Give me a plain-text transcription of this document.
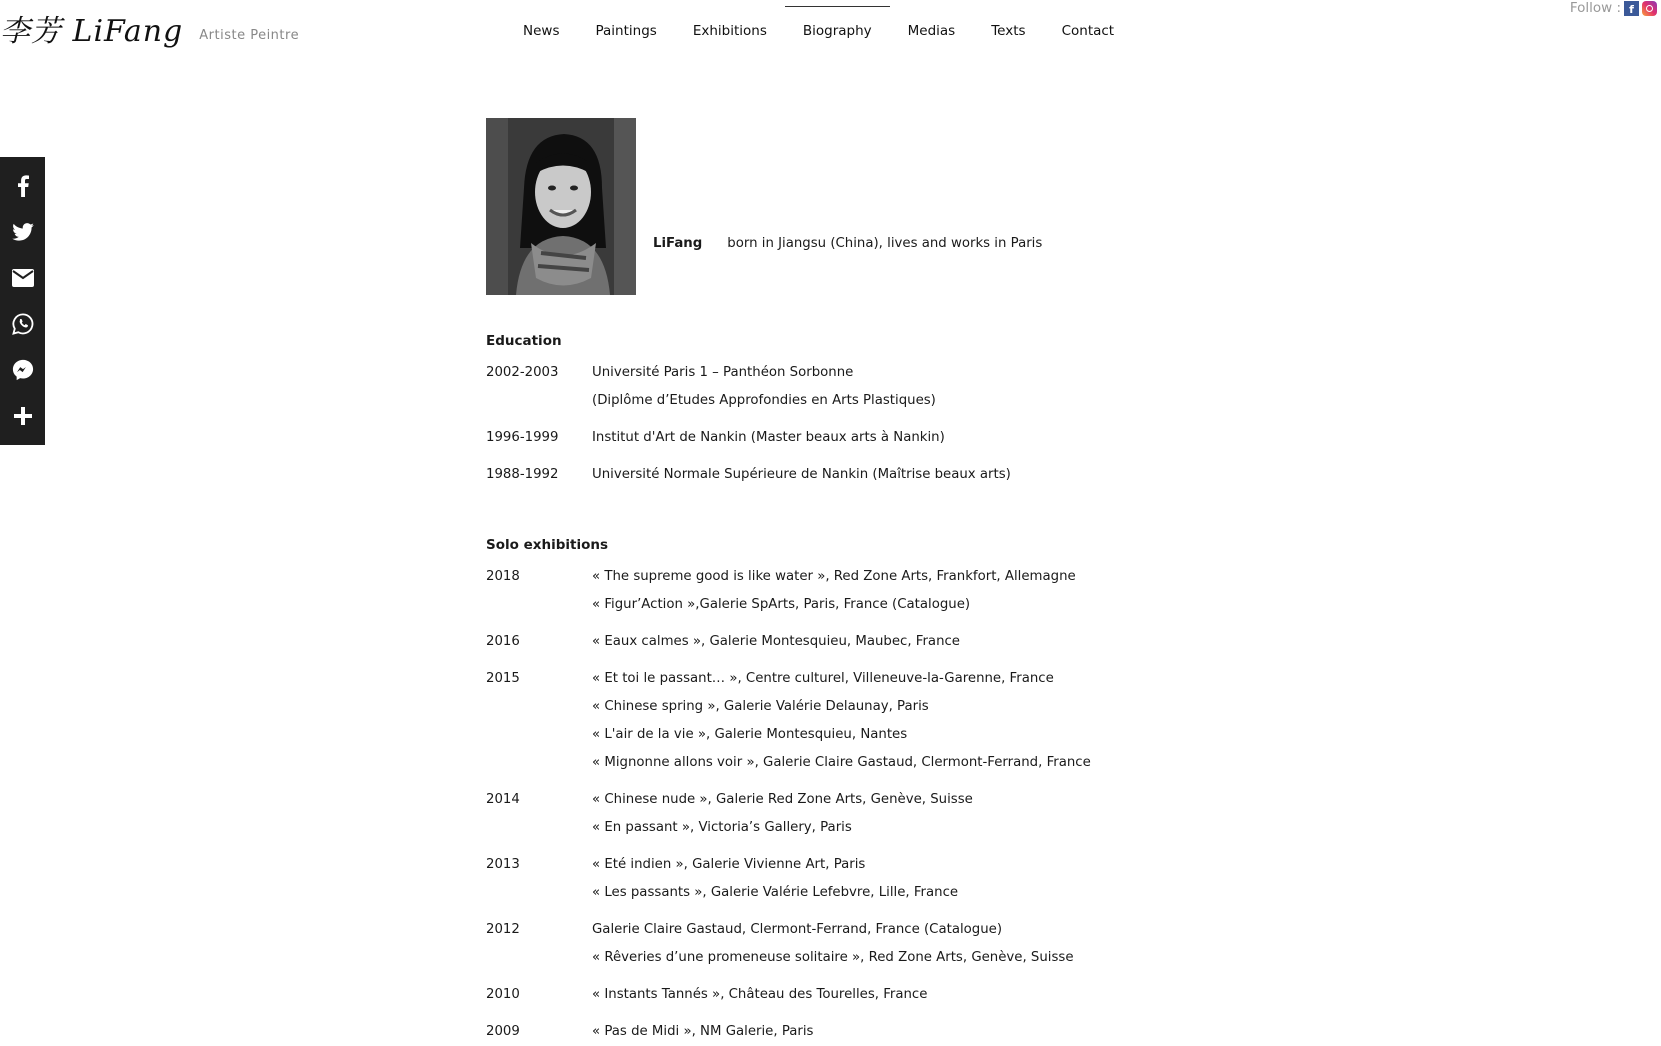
李芳 LiFang Artiste Peintre	News	Paintings	Exhibitions	Biography	Medias	Texts	Contact
Follow : f
LiFang born in Jiangsu (China), lives and works in Paris
Education
2002-2003	Université Paris 1 – Panthéon Sorbonne
(Diplôme d’Etudes Approfondies en Arts Plastiques)
1996-1999	Institut d'Art de Nankin (Master beaux arts à Nankin)
1988-1992	Université Normale Supérieure de Nankin (Maîtrise beaux arts)
Solo exhibitions
2018	« The supreme good is like water », Red Zone Arts, Frankfort, Allemagne
« Figur’Action »,Galerie SpArts, Paris, France (Catalogue)
2016	« Eaux calmes », Galerie Montesquieu, Maubec, France
2015	« Et toi le passant… », Centre culturel, Villeneuve-la-Garenne, France
« Chinese spring », Galerie Valérie Delaunay, Paris
« L'air de la vie », Galerie Montesquieu, Nantes
« Mignonne allons voir », Galerie Claire Gastaud, Clermont-Ferrand, France
2014	« Chinese nude », Galerie Red Zone Arts, Genève, Suisse
« En passant », Victoria’s Gallery, Paris
2013	« Eté indien », Galerie Vivienne Art, Paris
« Les passants », Galerie Valérie Lefebvre, Lille, France
2012	Galerie Claire Gastaud, Clermont-Ferrand, France (Catalogue)
« Rêveries d’une promeneuse solitaire », Red Zone Arts, Genève, Suisse
2010	« Instants Tannés », Château des Tourelles, France
2009	« Pas de Midi », NM Galerie, Paris
